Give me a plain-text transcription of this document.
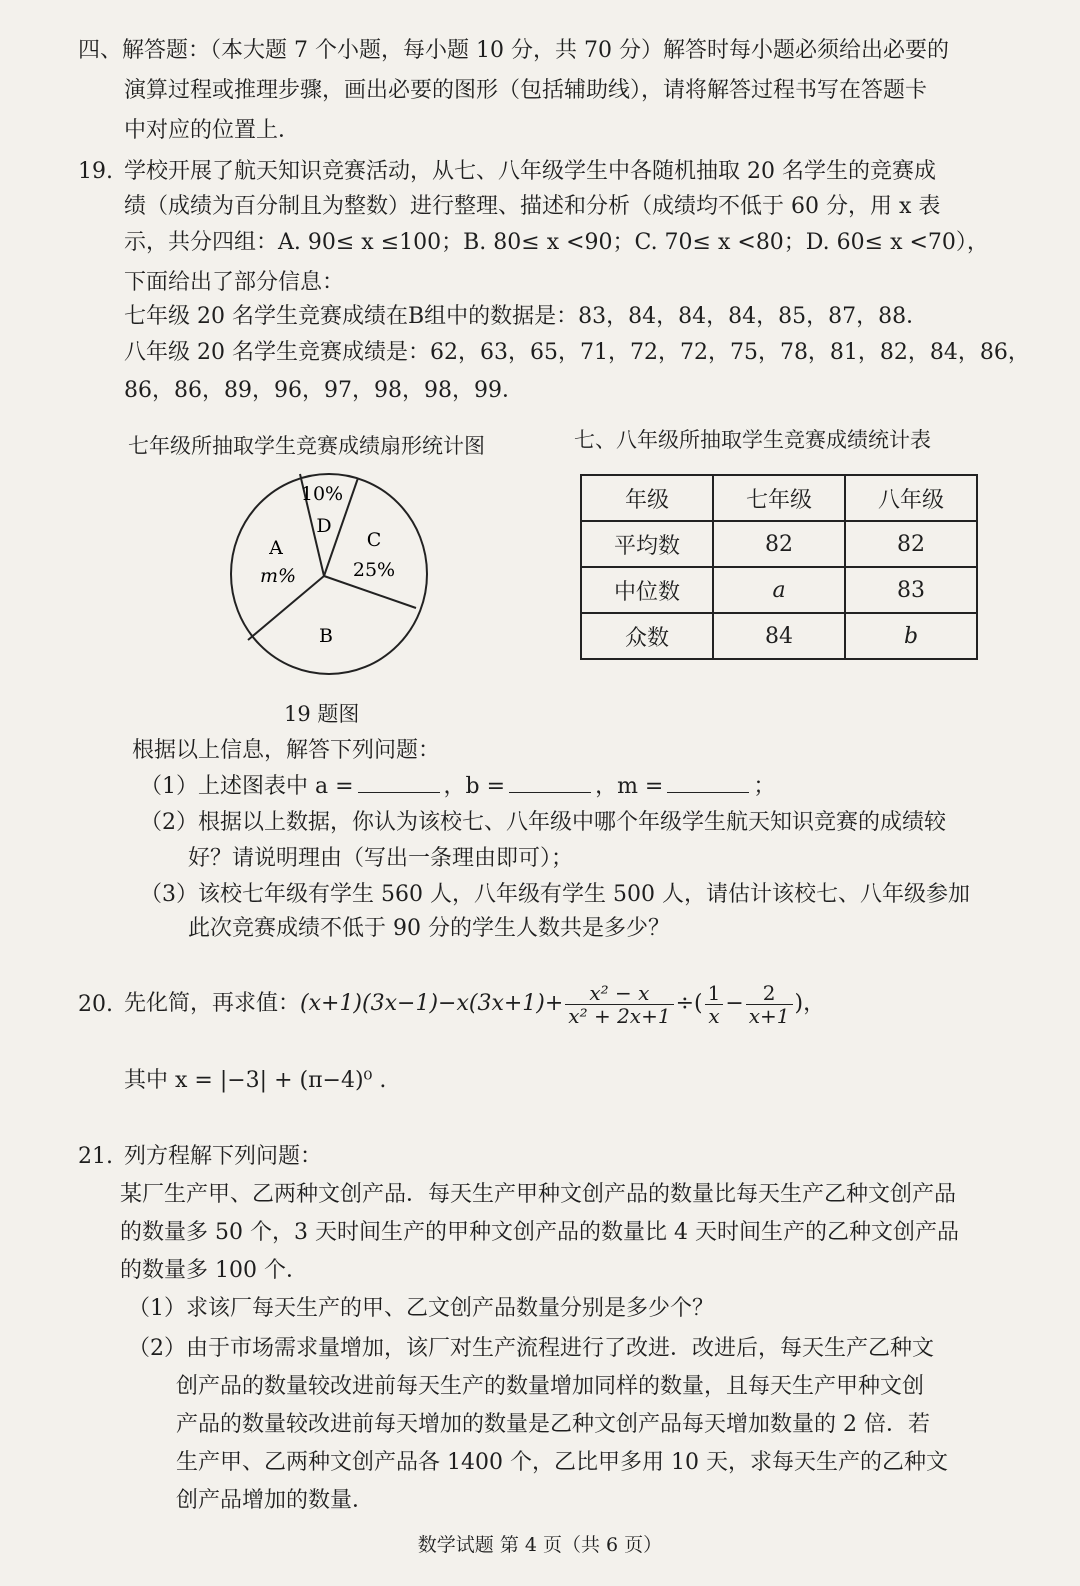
四、解答题：（本大题 7 个小题，每小题 10 分，共 70 分）解答时每小题必须给出必要的
演算过程或推理步骤，画出必要的图形（包括辅助线），请将解答过程书写在答题卡
中对应的位置上．
19. 学校开展了航天知识竞赛活动，从七、八年级学生中各随机抽取 20 名学生的竞赛成
绩（成绩为百分制且为整数）进行整理、描述和分析（成绩均不低于 60 分，用 x 表
示，共分四组：A. 90≤ x ≤100；B. 80≤ x <90；C. 70≤ x <80；D. 60≤ x <70），
下面给出了部分信息：
七年级 20 名学生竞赛成绩在B组中的数据是：83，84，84，84，85，87，88．
八年级 20 名学生竞赛成绩是：62，63，65，71，72，72，75，78，81，82，84，86，
86，86，89，96，97，98，98，99．
七年级所抽取学生竞赛成绩扇形统计图	七、八年级所抽取学生竞赛成绩统计表
10%
D
C
25%
A
m%
B
年级	七年级	八年级
平均数	82	82
中位数	a	83
众数	84	b
19 题图
根据以上信息，解答下列问题：
（1）上述图表中 a =	，b =	，m =	；
（2）根据以上数据，你认为该校七、八年级中哪个年级学生航天知识竞赛的成绩较
好？请说明理由（写出一条理由即可）；
（3）该校七年级有学生 560 人，八年级有学生 500 人，请估计该校七、八年级参加
此次竞赛成绩不低于 90 分的学生人数共是多少？
20. 先化简，再求值：$(x+1)(3x-1)-x(3x+1)+ \frac{\text{x² − x}}{\text{x² + 2x+1}}$ ÷( $\frac{1}{x} - \frac{2}{x+1}$ )，
其中 x = |−3| + (π−4)⁰ .
21. 列方程解下列问题：
某厂生产甲、乙两种文创产品．每天生产甲种文创产品的数量比每天生产乙种文创产品
的数量多 50 个，3 天时间生产的甲种文创产品的数量比 4 天时间生产的乙种文创产品
的数量多 100 个．
（1）求该厂每天生产的甲、乙文创产品数量分别是多少个？
（2）由于市场需求量增加，该厂对生产流程进行了改进．改进后，每天生产乙种文
创产品的数量较改进前每天生产的数量增加同样的数量，且每天生产甲种文创
产品的数量较改进前每天增加的数量是乙种文创产品每天增加数量的 2 倍．若
生产甲、乙两种文创产品各 1400 个，乙比甲多用 10 天，求每天生产的乙种文
创产品增加的数量．
数学试题 第 4 页（共 6 页）
